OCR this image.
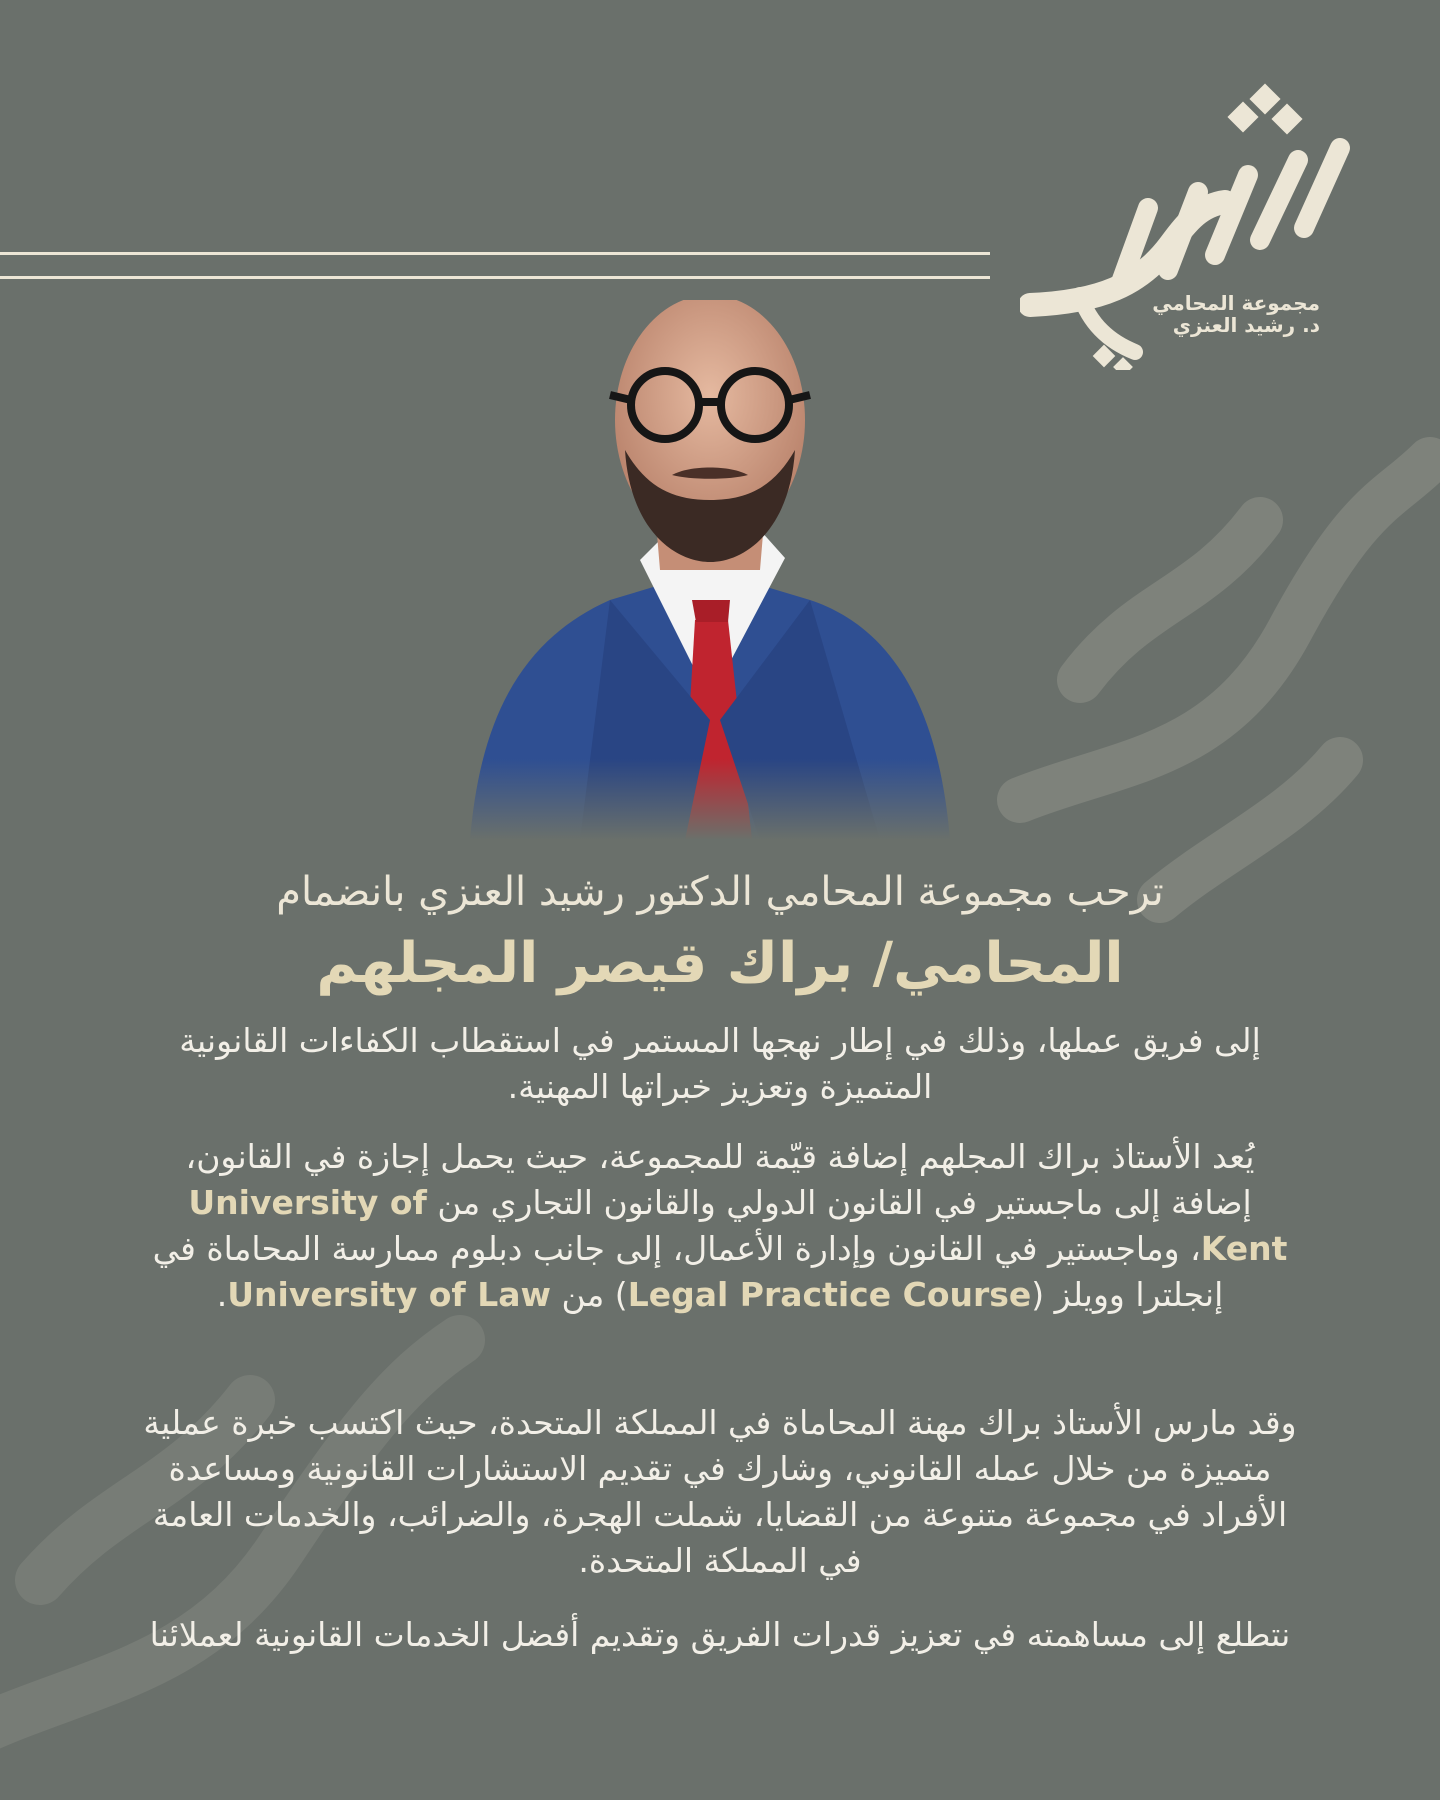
مجموعة المحامي
د. رشيد العنزي
ترحب مجموعة المحامي الدكتور رشيد العنزي بانضمام
المحامي/ براك قيصر المجلهم
إلى فريق عملها، وذلك في إطار نهجها المستمر في استقطاب الكفاءات القانونية المتميزة وتعزيز خبراتها المهنية.
يُعد الأستاذ براك المجلهم إضافة قيّمة للمجموعة، حيث يحمل إجازة في القانون، إضافة إلى ماجستير في القانون الدولي والقانون التجاري من University of Kent، وماجستير في القانون وإدارة الأعمال، إلى جانب دبلوم ممارسة المحاماة في إنجلترا وويلز (Legal Practice Course) من University of Law.
وقد مارس الأستاذ براك مهنة المحاماة في المملكة المتحدة، حيث اكتسب خبرة عملية متميزة من خلال عمله القانوني، وشارك في تقديم الاستشارات القانونية ومساعدة الأفراد في مجموعة متنوعة من القضايا، شملت الهجرة، والضرائب، والخدمات العامة في المملكة المتحدة.
نتطلع إلى مساهمته في تعزيز قدرات الفريق وتقديم أفضل الخدمات القانونية لعملائنا
